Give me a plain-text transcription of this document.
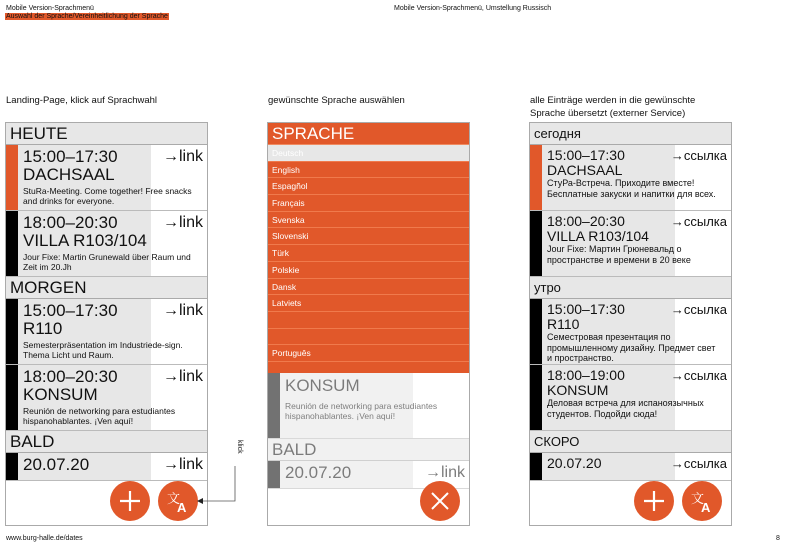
Mobile Version-Sprachmenü
Auswahl der Sprache/Vereinheitlichung der Sprache
Mobile Version-Sprachmenü, Umstellung Russisch
Landing-Page, klick auf Sprachwahl	gewünschte Sprache auswählen	alle Einträge werden in die gewünschte Sprache übersetzt (externer Service)
HEUTE
15:00–17:30
DACHSAAL
→link
StuRa-Meeting. Come together! Free snacks and drinks for everyone.
18:00–20:30
VILLA R103/104
→link
Jour Fixe: Martin Grunewald über Raum und Zeit im 20.Jh
MORGEN
15:00–17:30
R110
→link
Semesterpräsentation im Industriede-sign. Thema Licht und Raum.
18:00–20:30
KONSUM
→link
Reunión de networking para estudiantes hispanohablantes. ¡Ven aquí!
BALD
20.07.20	→link
文
A
KONSUM
Reunión de networking para estudiantes hispanohablantes. ¡Ven aquí!
BALD
20.07.20	→link
SPRACHE
Deutsch
English
Espagñol
Français
Svenska
Slovenski
Türk
Polskie
Dansk
Latviets
Português
сегодня
15:00–17:30
DACHSAAL
→ссылка
СтуРа-Встреча. Приходите вместе! Бесплатные закуски и напитки для всех.
18:00–20:30
VILLA R103/104
→ссылка
Jour Fixe: Мартин Грюневальд о пространстве и времени в 20 веке
утро
15:00–17:30
R110
→ссылка
Семестровая презентация по промышленному дизайну. Предмет свет и пространство.
18:00–19:00
KONSUM
→ссылка
Деловая встреча для испаноязычных студентов. Подойди сюда!
СКОРО
20.07.20	→ссылка
文
A
klick
www.burg-halle.de/dates	8
